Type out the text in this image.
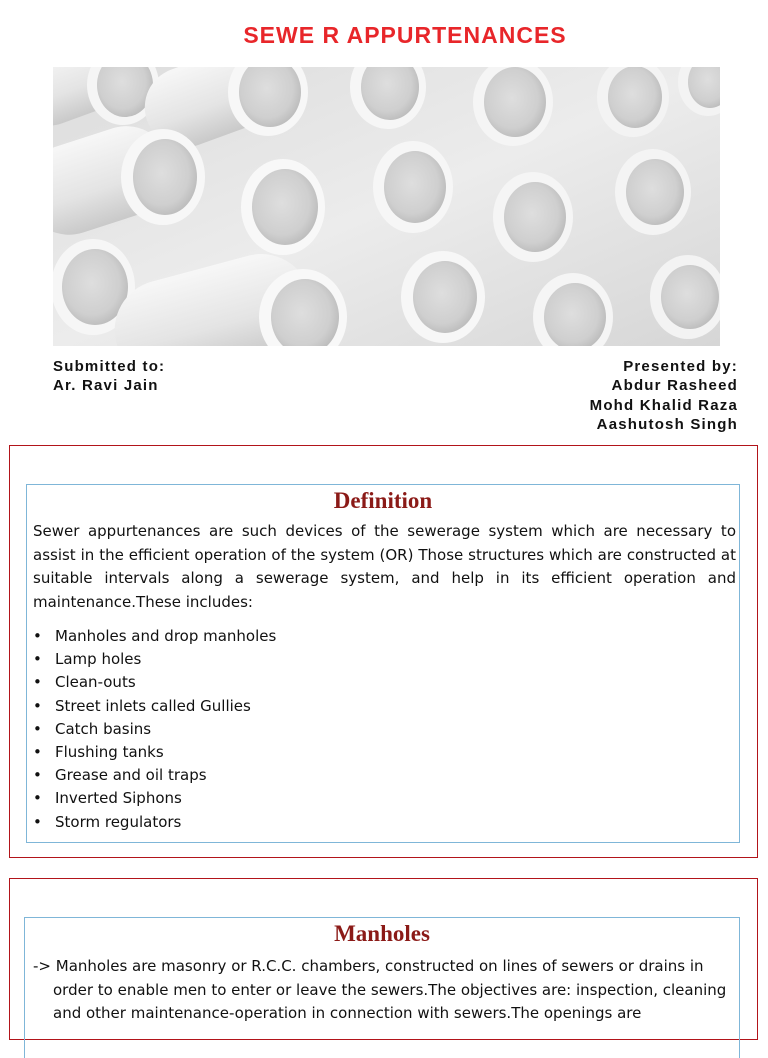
SEWE R APPURTENANCES
Submitted to:
Ar. Ravi Jain
Presented by:
Abdur Rasheed
Mohd Khalid Raza
Aashutosh Singh
Definition
Sewer appurtenances are such devices of the sewerage system which are necessary to assist in the efficient operation of the system (OR) Those structures which are constructed at suitable intervals along a sewerage system, and help in its efficient operation and maintenance.These includes:
• Manholes and drop manholes
• Lamp holes
• Clean-outs
• Street inlets called Gullies
• Catch basins
• Flushing tanks
• Grease and oil traps
• Inverted Siphons
• Storm regulators
Manholes
-> Manholes are masonry or R.C.C. chambers, constructed on lines of sewers or drains in order to enable men to enter or leave the sewers.The objectives are: inspection, cleaning and other maintenance-operation in connection with sewers.The openings are
